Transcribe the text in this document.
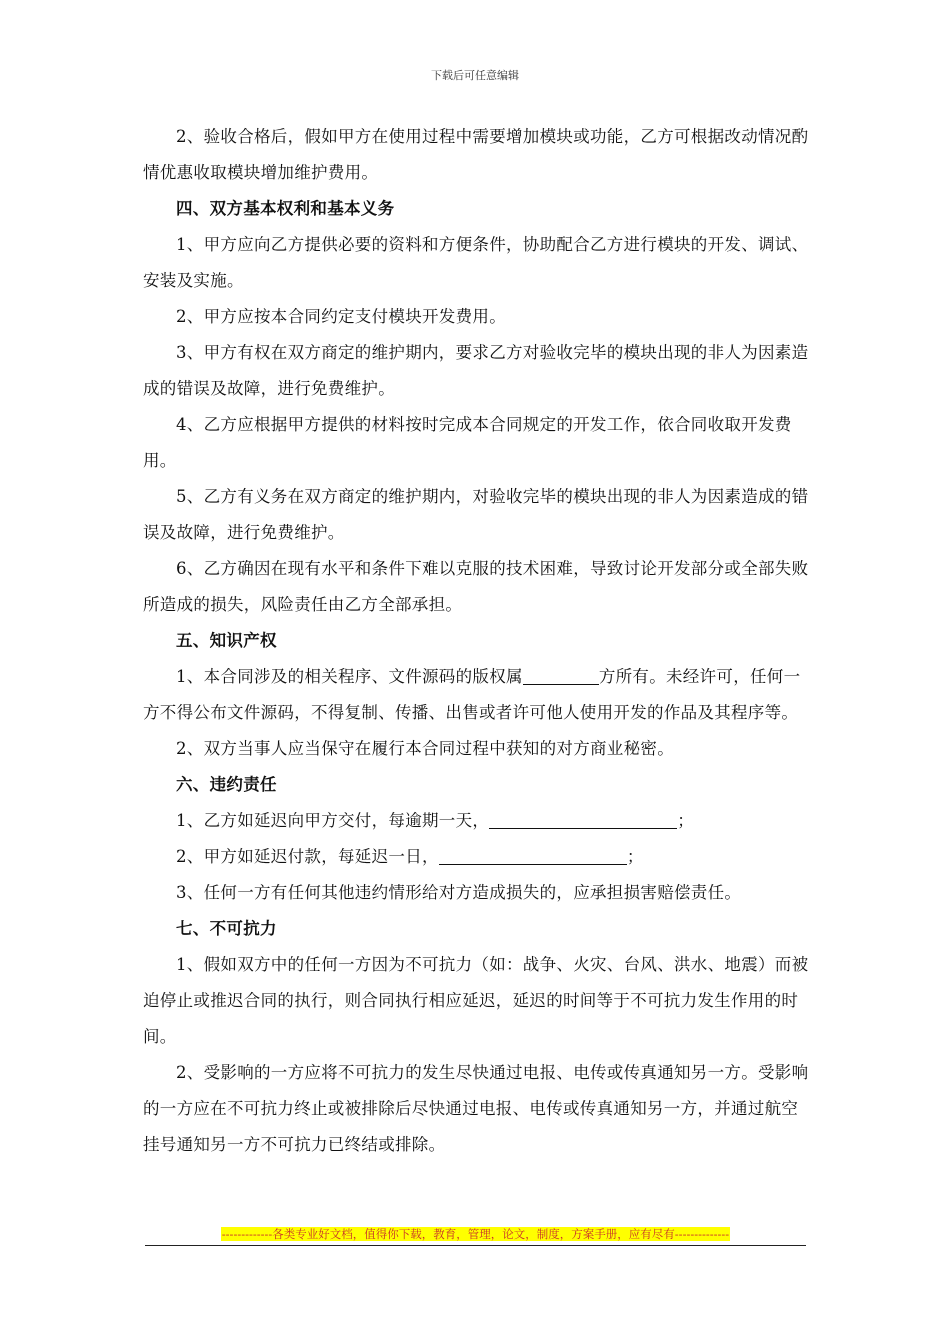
下载后可任意编辑

2、验收合格后，假如甲方在使用过程中需要增加模块或功能，乙方可根据改动情况酌情优惠收取模块增加维护费用。

四、双方基本权利和基本义务

1、甲方应向乙方提供必要的资料和方便条件，协助配合乙方进行模块的开发、调试、安装及实施。

2、甲方应按本合同约定支付模块开发费用。

3、甲方有权在双方商定的维护期内，要求乙方对验收完毕的模块出现的非人为因素造成的错误及故障，进行免费维护。

4、乙方应根据甲方提供的材料按时完成本合同规定的开发工作，依合同收取开发费用。

5、乙方有义务在双方商定的维护期内，对验收完毕的模块出现的非人为因素造成的错误及故障，进行免费维护。

6、乙方确因在现有水平和条件下难以克服的技术困难，导致讨论开发部分或全部失败所造成的损失，风险责任由乙方全部承担。

五、知识产权

1、本合同涉及的相关程序、文件源码的版权属	方所有。未经许可，任何一方不得公布文件源码，不得复制、传播、出售或者许可他人使用开发的作品及其程序等。

2、双方当事人应当保守在履行本合同过程中获知的对方商业秘密。

六、违约责任

1、乙方如延迟向甲方交付，每逾期一天，	；

2、甲方如延迟付款，每延迟一日，	；

3、任何一方有任何其他违约情形给对方造成损失的，应承担损害赔偿责任。

七、不可抗力

1、假如双方中的任何一方因为不可抗力（如：战争、火灾、台风、洪水、地震）而被迫停止或推迟合同的执行，则合同执行相应延迟，延迟的时间等于不可抗力发生作用的时间。

2、受影响的一方应将不可抗力的发生尽快通过电报、电传或传真通知另一方。受影响的一方应在不可抗力终止或被排除后尽快通过电报、电传或传真通知另一方，并通过航空挂号通知另一方不可抗力已终结或排除。

-------------各类专业好文档，值得你下载，教育，管理，论文，制度，方案手册，应有尽有--------------
